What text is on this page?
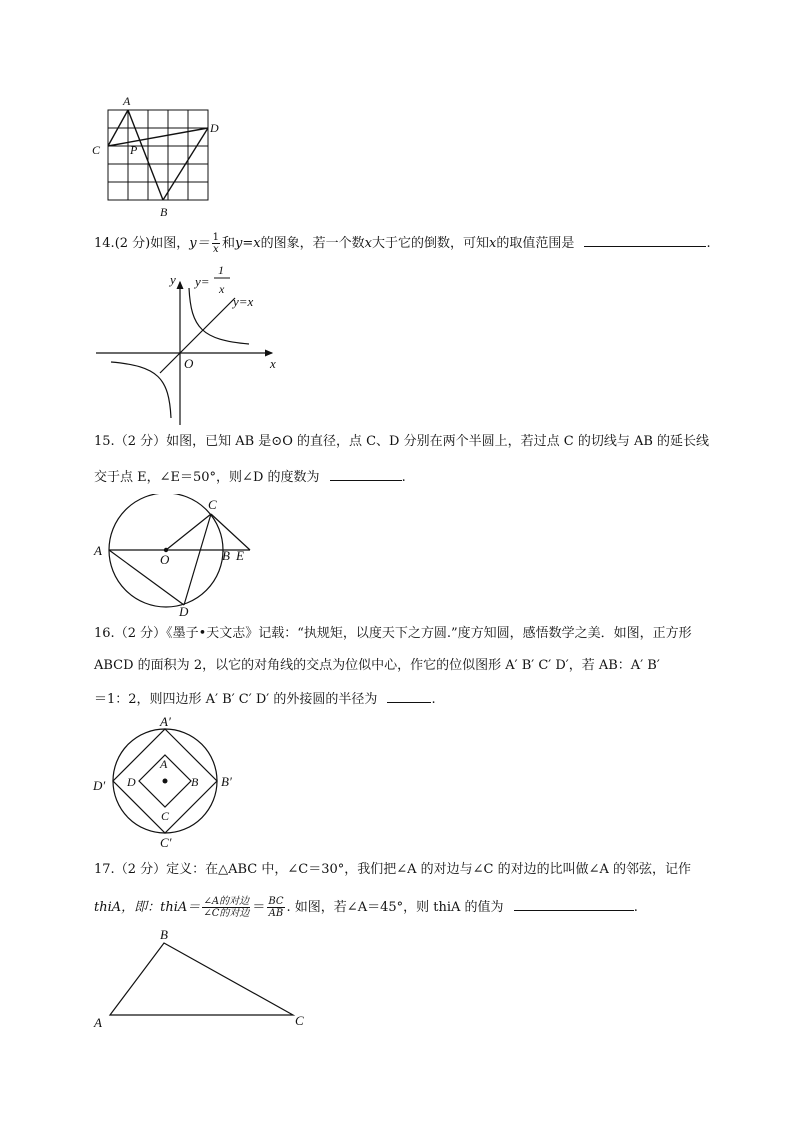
A
C P
D
B
14.(2 分)如图，$y= \frac{1}{x}$ 和y=x的图象，若一个数x大于它的倒数，可知x的取值范围是	.
y
x
O
y=
1
x
y=x
15.（2 分）如图，已知 AB 是⊙O 的直径，点 C、D 分别在两个半圆上，若过点 C 的切线与 AB 的延长线
交于点 E，∠E＝50°，则∠D 的度数为	.
A
O	B E
C
D
16.（2 分）《墨子•天文志》记载：“执规矩，以度天下之方圆.”度方知圆，感悟数学之美．如图，正方形
ABCD 的面积为 2，以它的对角线的交点为位似中心，作它的位似图形 A′ B′ C′ D′，若 AB：A′ B′
＝1：2，则四边形 A′ B′ C′ D′ 的外接圆的半径为	.
A′
B′
C′
D′
A
B
C
D
17.（2 分）定义：在△ABC 中，∠C＝30°，我们把∠A 的对边与∠C 的对边的比叫做∠A 的邻弦，记作
thiA，即：thiA＝ $\frac{\text{∠A的对边}}{\text{∠C的对边}} = \frac{BC}{AB}$ . 如图，若∠A＝45°，则 thiA 的值为	.
A
B
C
